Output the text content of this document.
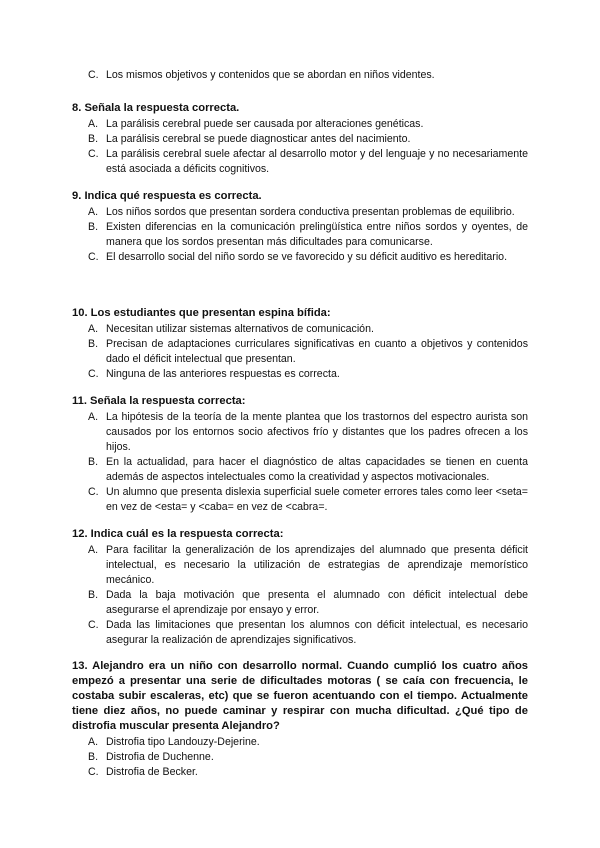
C. Los mismos objetivos y contenidos que se abordan en niños videntes.
8. Señala la respuesta correcta.
A. La parálisis cerebral puede ser causada por alteraciones genéticas.
B. La parálisis cerebral se puede diagnosticar antes del nacimiento.
C. La parálisis cerebral suele afectar al desarrollo motor y del lenguaje y no necesariamente está asociada a déficits cognitivos.
9. Indica qué respuesta es correcta.
A. Los niños sordos que presentan sordera conductiva presentan problemas de equilibrio.
B. Existen diferencias en la comunicación prelingüística entre niños sordos y oyentes, de manera que los sordos presentan más dificultades para comunicarse.
C. El desarrollo social del niño sordo se ve favorecido y su déficit auditivo es hereditario.
10. Los estudiantes que presentan espina bífida:
A. Necesitan utilizar sistemas alternativos de comunicación.
B. Precisan de adaptaciones curriculares significativas en cuanto a objetivos y contenidos dado el déficit intelectual que presentan.
C. Ninguna de las anteriores respuestas es correcta.
11. Señala la respuesta correcta:
A. La hipótesis de la teoría de la mente plantea que los trastornos del espectro aurista son causados por los entornos socio afectivos frío y distantes que los padres ofrecen a los hijos.
B. En la actualidad, para hacer el diagnóstico de altas capacidades se tienen en cuenta además de aspectos intelectuales como la creatividad y aspectos motivacionales.
C. Un alumno que presenta dislexia superficial suele cometer errores tales como leer <seta= en vez de <esta= y <caba= en vez de <cabra=.
12. Indica cuál es la respuesta correcta:
A. Para facilitar la generalización de los aprendizajes del alumnado que presenta déficit intelectual, es necesario la utilización de estrategias de aprendizaje memorístico mecánico.
B. Dada la baja motivación que presenta el alumnado con déficit intelectual debe asegurarse el aprendizaje por ensayo y error.
C. Dada las limitaciones que presentan los alumnos con déficit intelectual, es necesario asegurar la realización de aprendizajes significativos.
13. Alejandro era un niño con desarrollo normal. Cuando cumplió los cuatro años empezó a presentar una serie de dificultades motoras ( se caía con frecuencia, le costaba subir escaleras, etc) que se fueron acentuando con el tiempo. Actualmente tiene diez años, no puede caminar y respirar con mucha dificultad. ¿Qué tipo de distrofia muscular presenta Alejandro?
A. Distrofia tipo Landouzy-Dejerine.
B. Distrofia de Duchenne.
C. Distrofia de Becker.
